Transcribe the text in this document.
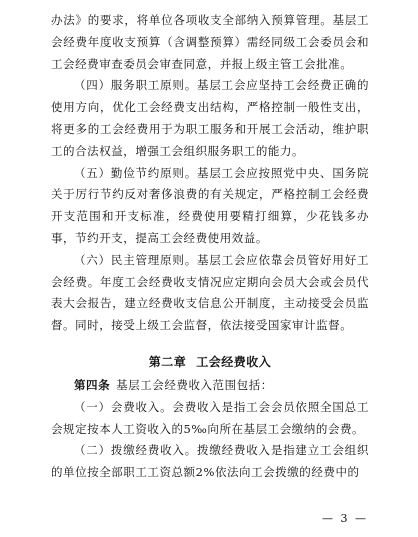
办法》的要求，将单位各项收支全部纳入预算管理。基层工会经费年度收支预算（含调整预算）需经同级工会委员会和工会经费审查委员会审查同意，并报上级主管工会批准。

（四）服务职工原则。基层工会应坚持工会经费正确的使用方向，优化工会经费支出结构，严格控制一般性支出，将更多的工会经费用于为职工服务和开展工会活动，维护职工的合法权益，增强工会组织服务职工的能力。

（五）勤俭节约原则。基层工会应按照党中央、国务院关于厉行节约反对奢侈浪费的有关规定，严格控制工会经费开支范围和开支标准，经费使用要精打细算，少花钱多办事，节约开支，提高工会经费使用效益。

（六）民主管理原则。基层工会应依靠会员管好用好工会经费。年度工会经费收支情况应定期向会员大会或会员代表大会报告，建立经费收支信息公开制度，主动接受会员监督。同时，接受上级工会监督，依法接受国家审计监督。

第二章 工会经费收入

第四条 基层工会经费收入范围包括：

（一）会费收入。会费收入是指工会会员依照全国总工会规定按本人工资收入的5‰向所在基层工会缴纳的会费。

（二）拨缴经费收入。拨缴经费收入是指建立工会组织的单位按全部职工工资总额2%依法向工会拨缴的经费中的

— 3 —
